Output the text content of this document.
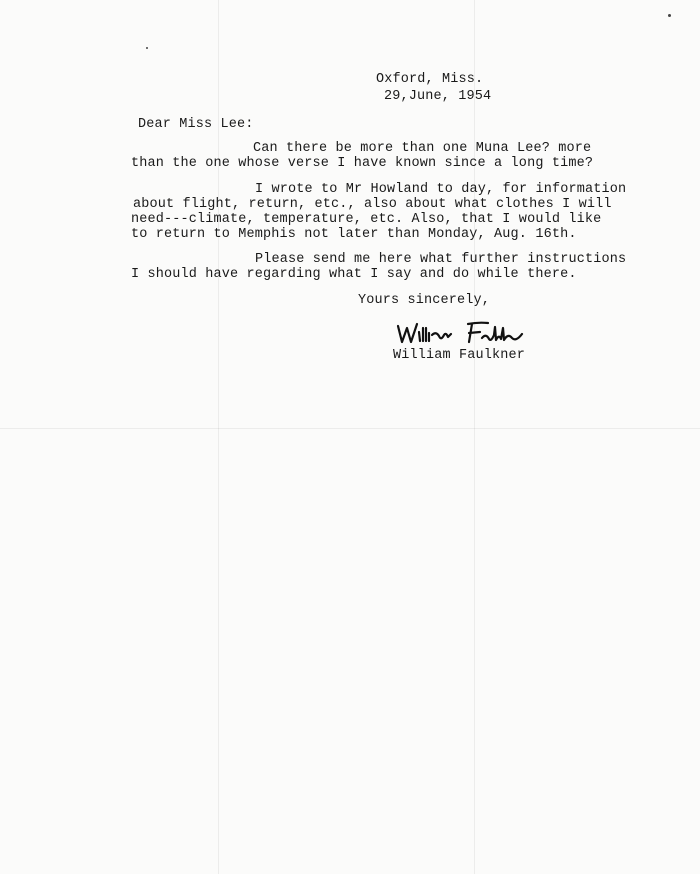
Oxford, Miss.
29,June, 1954
Dear Miss Lee:
Can there be more than one Muna Lee? more
than the one whose verse I have known since a long time?
I wrote to Mr Howland to day, for information
about flight, return, etc., also about what clothes I will
need---climate, temperature, etc. Also, that I would like
to return to Memphis not later than Monday, Aug. 16th.
Please send me here what further instructions
I should have regarding what I say and do while there.
Yours sincerely,
William Faulkner
